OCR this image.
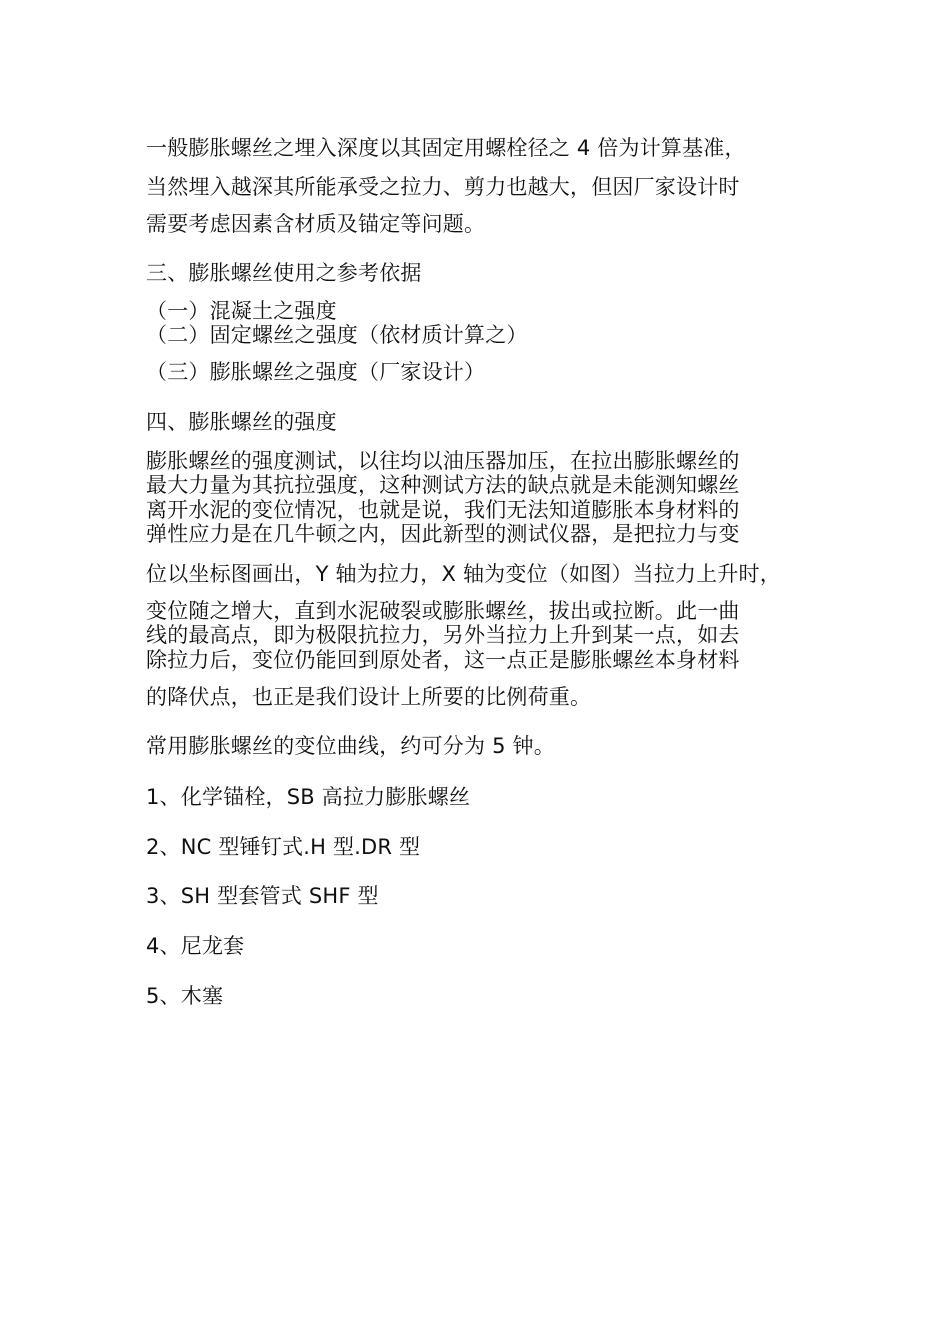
一般膨胀螺丝之埋入深度以其固定用螺栓径之 4 倍为计算基准，

当然埋入越深其所能承受之拉力、剪力也越大，但因厂家设计时

需要考虑因素含材质及锚定等问题。

三、膨胀螺丝使用之参考依据

（一）混凝土之强度

（二）固定螺丝之强度（依材质计算之）

（三）膨胀螺丝之强度（厂家设计）

四、膨胀螺丝的强度

膨胀螺丝的强度测试，以往均以油压器加压，在拉出膨胀螺丝的

最大力量为其抗拉强度，这种测试方法的缺点就是未能测知螺丝

离开水泥的变位情况，也就是说，我们无法知道膨胀本身材料的

弹性应力是在几牛顿之内，因此新型的测试仪器，是把拉力与变

位以坐标图画出，Y 轴为拉力，X 轴为变位（如图）当拉力上升时，

变位随之增大，直到水泥破裂或膨胀螺丝，拔出或拉断。此一曲

线的最高点，即为极限抗拉力，另外当拉力上升到某一点，如去

除拉力后，变位仍能回到原处者，这一点正是膨胀螺丝本身材料

的降伏点，也正是我们设计上所要的比例荷重。

常用膨胀螺丝的变位曲线，约可分为 5 钟。

1、化学锚栓，SB 高拉力膨胀螺丝

2、NC 型锤钉式.H 型.DR 型

3、SH 型套管式 SHF 型

4、尼龙套

5、木塞
